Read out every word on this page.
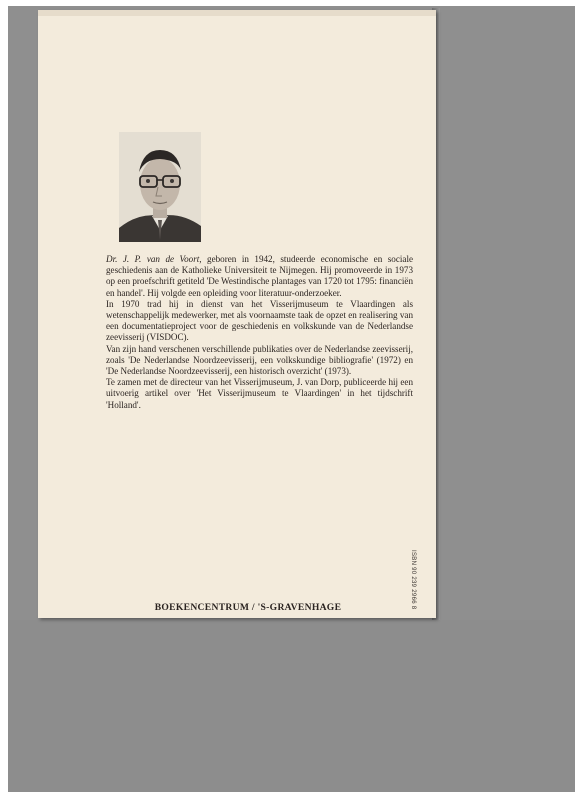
Dr. J. P. van de Voort, geboren in 1942, studeerde economische en sociale geschiedenis aan de Katholieke Universiteit te Nijmegen. Hij promoveerde in 1973 op een proefschrift getiteld 'De Westindische plantages van 1720 tot 1795: financiën en handel'. Hij volgde een opleiding voor literatuur-onderzoeker.

In 1970 trad hij in dienst van het Visserijmuseum te Vlaardingen als wetenschappelijk medewerker, met als voornaamste taak de opzet en realisering van een documentatieproject voor de geschiedenis en volkskunde van de Nederlandse zeevisserij (VISDOC).

Van zijn hand verschenen verschillende publikaties over de Nederlandse zeevisserij, zoals 'De Nederlandse Noordzeevisserij, een volkskundige bibliografie' (1972) en 'De Nederlandse Noordzeevisserij, een historisch overzicht' (1973).

Te zamen met de directeur van het Visserijmuseum, J. van Dorp, publiceerde hij een uitvoerig artikel over 'Het Visserijmuseum te Vlaardingen' in het tijdschrift 'Holland'.

ISBN 90 239 2966 8
BOEKENCENTRUM / 'S-GRAVENHAGE
